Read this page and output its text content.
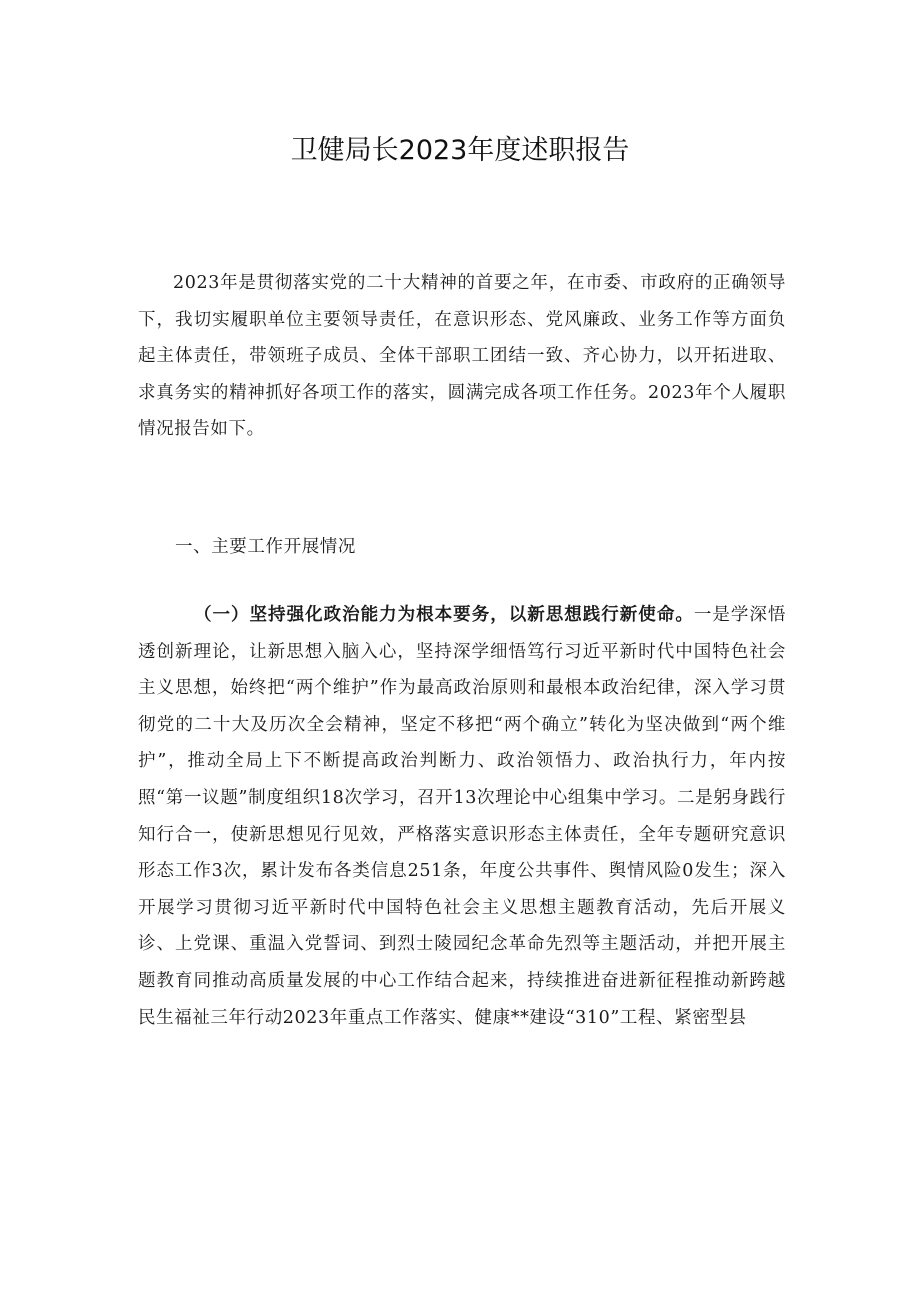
卫健局长2023年度述职报告

2023年是贯彻落实党的二十大精神的首要之年，在市委、市政府的正确领导下，我切实履职单位主要领导责任，在意识形态、党风廉政、业务工作等方面负起主体责任，带领班子成员、全体干部职工团结一致、齐心协力，以开拓进取、求真务实的精神抓好各项工作的落实，圆满完成各项工作任务。2023年个人履职情况报告如下。

一、主要工作开展情况

（一）坚持强化政治能力为根本要务，以新思想践行新使命。一是学深悟透创新理论，让新思想入脑入心，坚持深学细悟笃行习近平新时代中国特色社会主义思想，始终把“两个维护”作为最高政治原则和最根本政治纪律，深入学习贯彻党的二十大及历次全会精神，坚定不移把“两个确立”转化为坚决做到“两个维护”，推动全局上下不断提高政治判断力、政治领悟力、政治执行力，年内按照“第一议题”制度组织18次学习，召开13次理论中心组集中学习。二是躬身践行知行合一，使新思想见行见效，严格落实意识形态主体责任，全年专题研究意识形态工作3次，累计发布各类信息251条，年度公共事件、舆情风险0发生；深入开展学习贯彻习近平新时代中国特色社会主义思想主题教育活动，先后开展义诊、上党课、重温入党誓词、到烈士陵园纪念革命先烈等主题活动，并把开展主题教育同推动高质量发展的中心工作结合起来，持续推进奋进新征程推动新跨越民生福祉三年行动2023年重点工作落实、健康**建设“310”工程、紧密型县
